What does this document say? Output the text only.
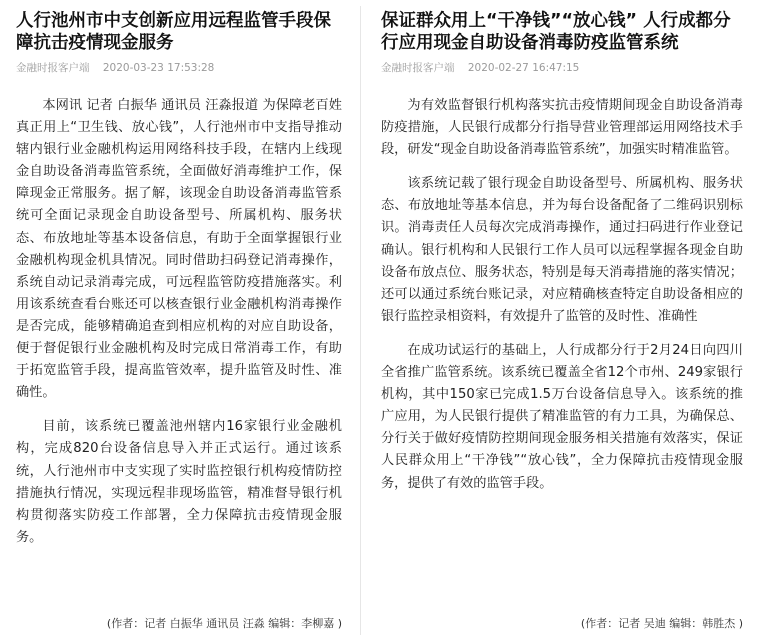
人行池州市中支创新应用远程监管手段保障抗击疫情现金服务
金融时报客户端 2020-03-23 17:53:28

本网讯 记者 白振华 通讯员 汪淼报道 为保障老百姓真正用上“卫生钱、放心钱”，人行池州市中支指导推动辖内银行业金融机构运用网络科技手段，在辖内上线现金自助设备消毒监管系统，全面做好消毒维护工作，保障现金正常服务。据了解，该现金自助设备消毒监管系统可全面记录现金自助设备型号、所属机构、服务状态、布放地址等基本设备信息，有助于全面掌握银行业金融机构现金机具情况。同时借助扫码登记消毒操作，系统自动记录消毒完成，可远程监管防疫措施落实。利用该系统查看台账还可以核查银行业金融机构消毒操作是否完成，能够精确追查到相应机构的对应自助设备，便于督促银行业金融机构及时完成日常消毒工作，有助于拓宽监管手段，提高监管效率，提升监管及时性、准确性。

目前，该系统已覆盖池州辖内16家银行业金融机构，完成820台设备信息导入并正式运行。通过该系统，人行池州市中支实现了实时监控银行机构疫情防控措施执行情况，实现远程非现场监管，精准督导银行机构贯彻落实防疫工作部署，全力保障抗击疫情现金服务。

(作者：记者 白振华 通讯员 汪淼 编辑：李柳嘉 )
保证群众用上“干净钱”“放心钱” 人行成都分行应用现金自助设备消毒防疫监管系统
金融时报客户端 2020-02-27 16:47:15

为有效监督银行机构落实抗击疫情期间现金自助设备消毒防疫措施，人民银行成都分行指导营业管理部运用网络技术手段，研发“现金自助设备消毒监管系统”，加强实时精准监管。

该系统记载了银行现金自助设备型号、所属机构、服务状态、布放地址等基本信息，并为每台设备配备了二维码识别标识。消毒责任人员每次完成消毒操作，通过扫码进行作业登记确认。银行机构和人民银行工作人员可以远程掌握各现金自助设备布放点位、服务状态，特别是每天消毒措施的落实情况；还可以通过系统台账记录，对应精确核查特定自助设备相应的银行监控录相资料，有效提升了监管的及时性、准确性

在成功试运行的基础上，人行成都分行于2月24日向四川全省推广监管系统。该系统已覆盖全省12个市州、249家银行机构，其中150家已完成1.5万台设备信息导入。该系统的推广应用，为人民银行提供了精准监管的有力工具，为确保总、分行关于做好疫情防控期间现金服务相关措施有效落实，保证人民群众用上“干净钱”“放心钱”，全力保障抗击疫情现金服务，提供了有效的监管手段。

(作者：记者 吴迪 编辑：韩胜杰 )
